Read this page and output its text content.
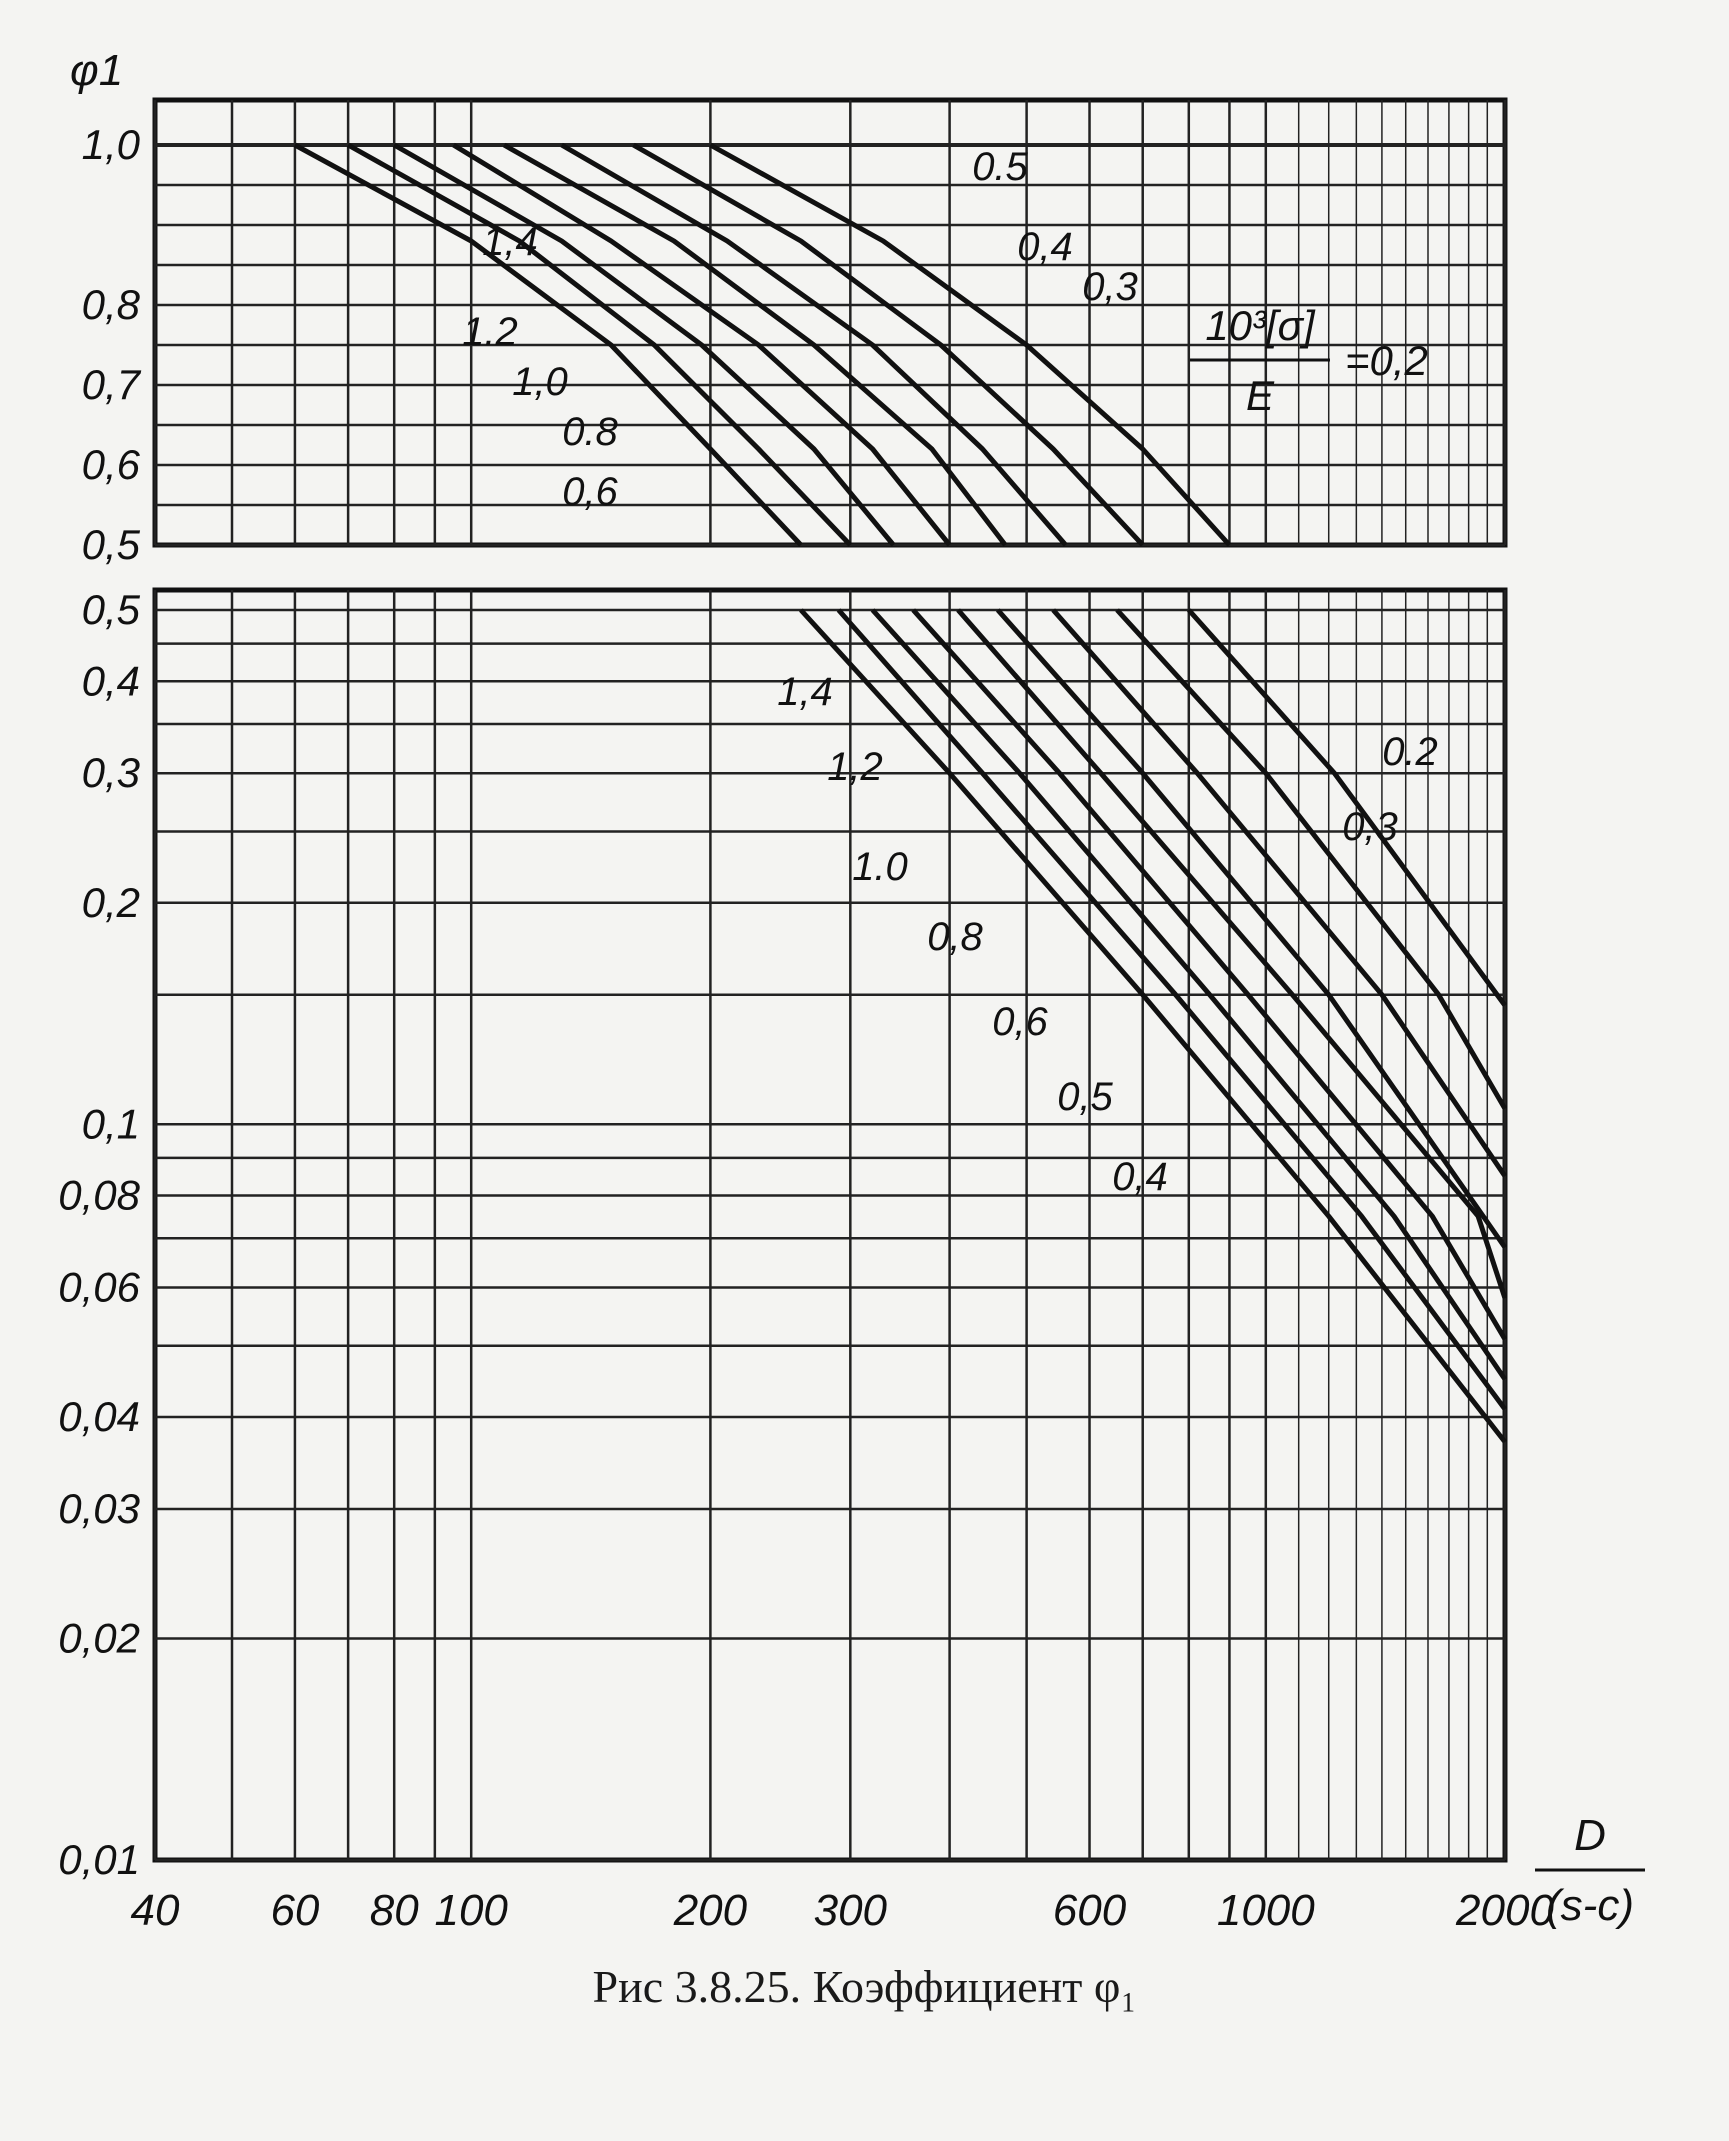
1,0
0,8
0,7
0,6
0,5
φ1
1,4
1.2
1,0
0.8
0,6
0.5
0,4
0,3
10³[σ]
E
=0,2
0,5
0,4
0,3
0,2
0,1
0,08
0,06
0,04
0,03
0,02
0,01
40 60 80 100	200 300	600 1000	2000
D
(s-c)
1,4
1,2
1.0
0,8
0,6
0,5
0,4
0,3
0.2
Рис 3.8.25. Коэффициент φ₁
